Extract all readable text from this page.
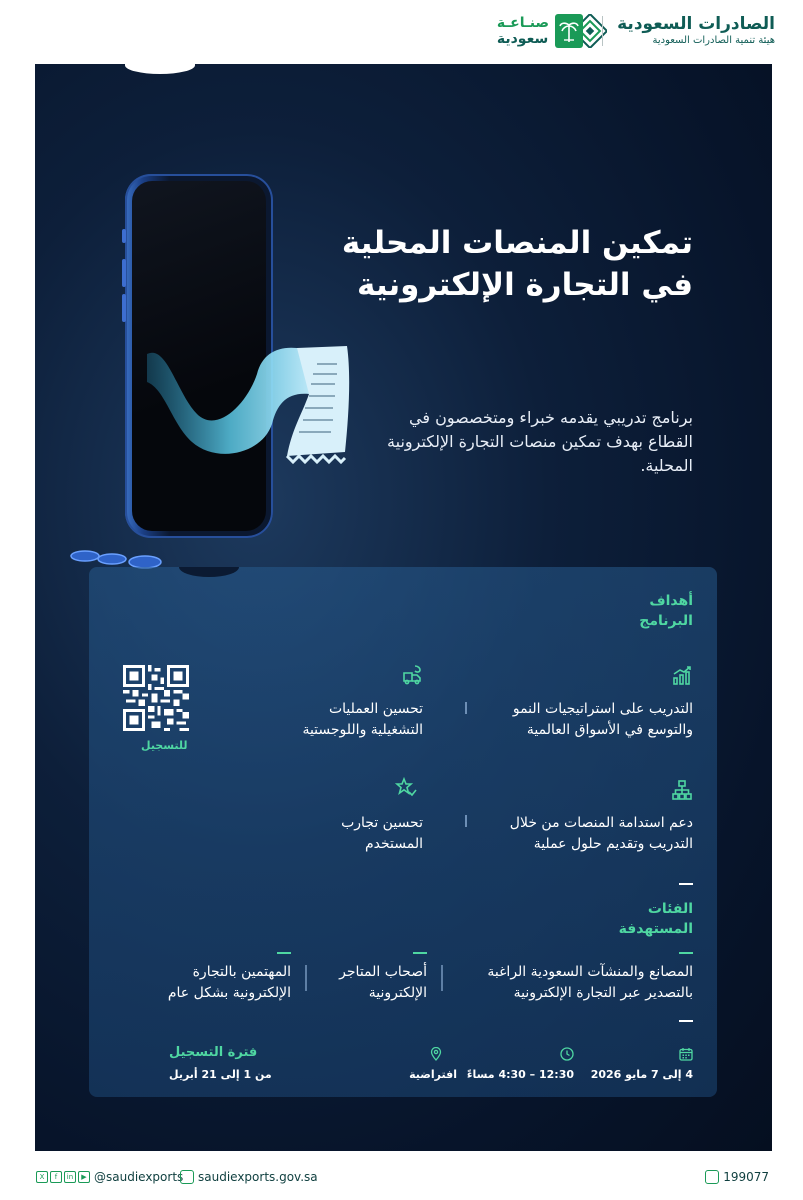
الصادرات السعودية
هيئة تنمية الصادرات السعودية
صنـاعـة
سعودية
تمكين المنصات المحلية
في التجارة الإلكترونية
برنامج تدريبي يقدمه خبراء ومتخصصون في القطاع بهدف تمكين منصات التجارة الإلكترونية المحلية.
أهداف
البرنامج
التدريب على استراتيجيات النمو
والتوسع في الأسواق العالمية
تحسين العمليات
التشغيلية واللوجستية
دعم استدامة المنصات من خلال
التدريب وتقديم حلول عملية
تحسين تجارب
المستخدم
للتسجيل
الفئات
المستهدفة
المصانع والمنشآت السعودية الراغبة
بالتصدير عبر التجارة الإلكترونية
أصحاب المتاجر
الإلكترونية
المهتمين بالتجارة
الإلكترونية بشكل عام
4 إلى 7 مايو 2026
12:30 – 4:30 مساءً
افتراضية
فترة التسجيل
من 1 إلى 21 أبريل
X	f	in	▶ @saudiexports saudiexports.gov.sa	199077
